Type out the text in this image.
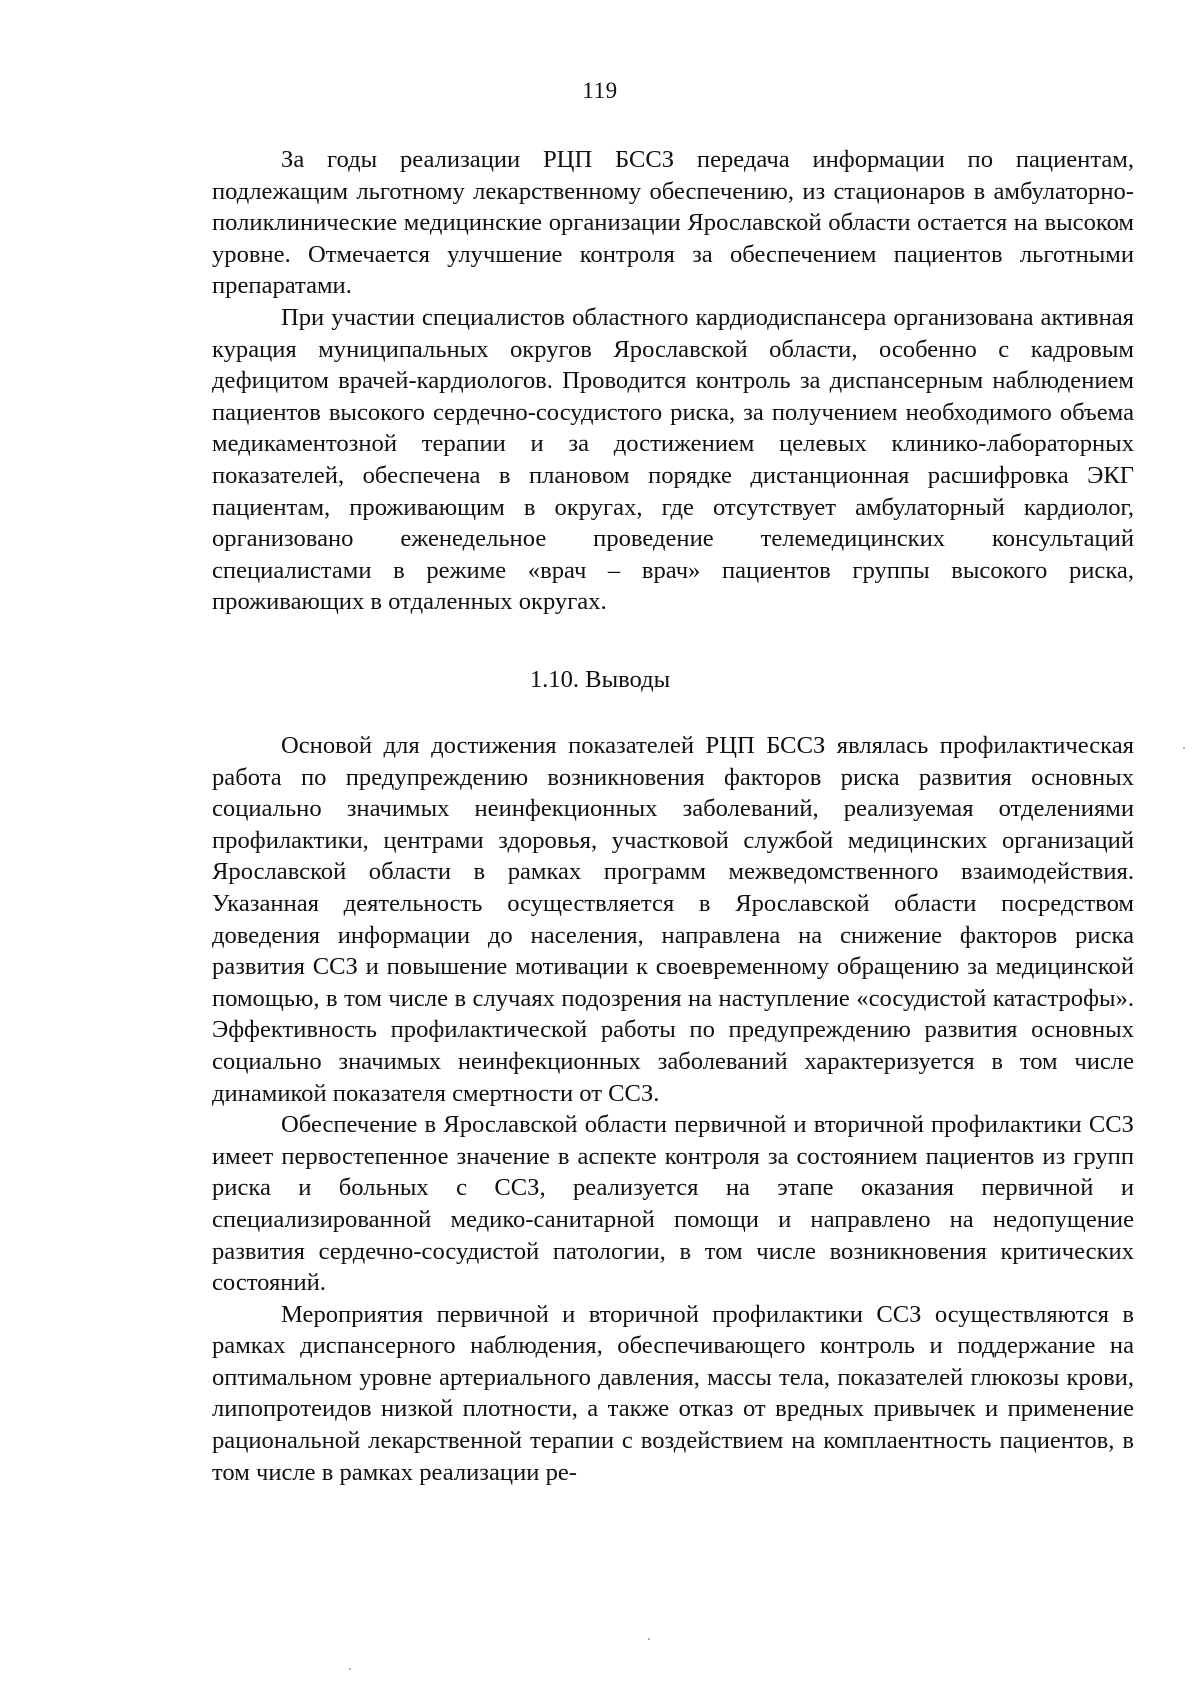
119

За годы реализации РЦП БССЗ передача информации по пациентам, подлежащим льготному лекарственному обеспечению, из стационаров в амбулаторно-поликлинические медицинские организации Ярославской области остается на высоком уровне. Отмечается улучшение контроля за обеспечением пациентов льготными препаратами.

При участии специалистов областного кардиодиспансера организована активная курация муниципальных округов Ярославской области, особенно с кадровым дефицитом врачей-кардиологов. Проводится контроль за диспансерным наблюдением пациентов высокого сердечно-сосудистого риска, за получением необходимого объема медикаментозной терапии и за достижением целевых клинико-лабораторных показателей, обеспечена в плановом порядке дистанционная расшифровка ЭКГ пациентам, проживающим в округах, где отсутствует амбулаторный кардиолог, организовано еженедельное проведение телемедицинских консультаций специалистами в режиме «врач – врач» пациентов группы высокого риска, проживающих в отдаленных округах.

1.10. Выводы

Основой для достижения показателей РЦП БССЗ являлась профилактическая работа по предупреждению возникновения факторов риска развития основных социально значимых неинфекционных заболеваний, реализуемая отделениями профилактики, центрами здоровья, участковой службой медицинских организаций Ярославской области в рамках программ межведомственного взаимодействия. Указанная деятельность осуществляется в Ярославской области посредством доведения информации до населения, направлена на снижение факторов риска развития ССЗ и повышение мотивации к своевременному обращению за медицинской помощью, в том числе в случаях подозрения на наступление «сосудистой катастрофы». Эффективность профилактической работы по предупреждению развития основных социально значимых неинфекционных заболеваний характеризуется в том числе динамикой показателя смертности от ССЗ.

Обеспечение в Ярославской области первичной и вторичной профилактики ССЗ имеет первостепенное значение в аспекте контроля за состоянием пациентов из групп риска и больных с ССЗ, реализуется на этапе оказания первичной и специализированной медико-санитарной помощи и направлено на недопущение развития сердечно-сосудистой патологии, в том числе возникновения критических состояний.

Мероприятия первичной и вторичной профилактики ССЗ осуществляются в рамках диспансерного наблюдения, обеспечивающего контроль и поддержание на оптимальном уровне артериального давления, массы тела, показателей глюкозы крови, липопротеидов низкой плотности, а также отказ от вредных привычек и применение рациональной лекарственной терапии с воздействием на комплаентность пациентов, в том числе в рамках реализации ре-
